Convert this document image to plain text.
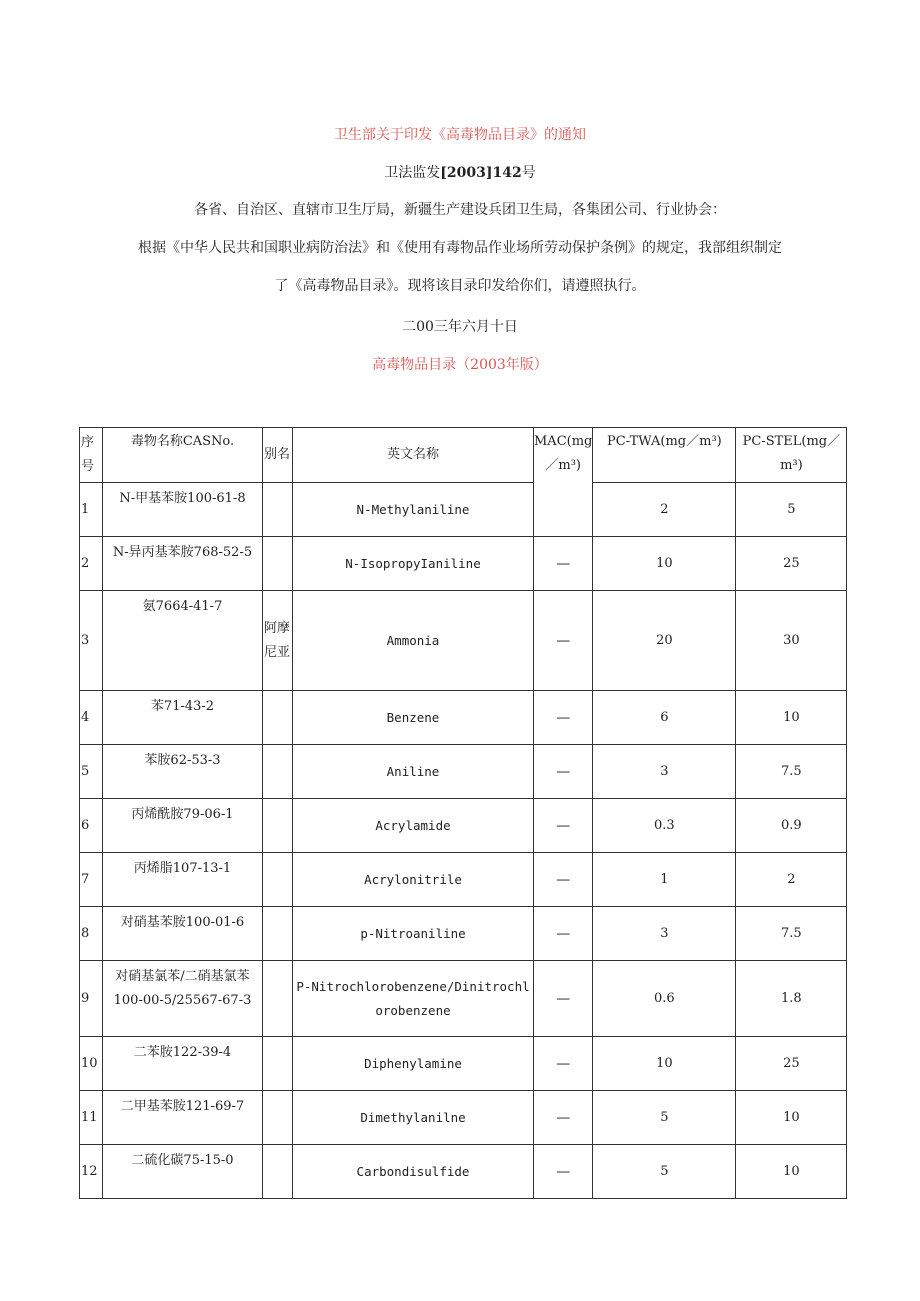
卫生部关于印发《高毒物品目录》的通知
卫法监发[2003]142号
各省、自治区、直辖市卫生厅局，新疆生产建设兵团卫生局，各集团公司、行业协会：
根据《中华人民共和国职业病防治法》和《使用有毒物品作业场所劳动保护条例》的规定，我部组织制定
了《高毒物品目录》。现将该目录印发给你们，请遵照执行。
二00三年六月十日
高毒物品目录（2003年版）
序号	毒物名称CASNo.	别名	英文名称	MAC(mg／m³)	PC-TWA(mg／m³)	PC-STEL(mg／m³)
1	N-甲基苯胺100-61-8		N-Methylaniline		2	5
2	N-异丙基苯胺768-52-5		N-IsopropyIaniline	—	10	25
3	氨7664-41-7	阿摩尼亚	Ammonia	—	20	30
4	苯71-43-2		Benzene	—	6	10
5	苯胺62-53-3		Aniline	—	3	7.5
6	丙烯酰胺79-06-1		Acrylamide	—	0.3	0.9
7	丙烯脂107-13-1		Acrylonitrile	—	1	2
8	对硝基苯胺100-01-6		p-Nitroaniline	—	3	7.5
9	对硝基氯苯/二硝基氯苯100-00-5/25567-67-3		P-Nitrochlorobenzene/Dinitrochlorobenzene	—	0.6	1.8
10	二苯胺122-39-4		Diphenylamine	—	10	25
11	二甲基苯胺121-69-7		Dimethylanilne	—	5	10
12	二硫化碳75-15-0		Carbondisulfide	—	5	10
